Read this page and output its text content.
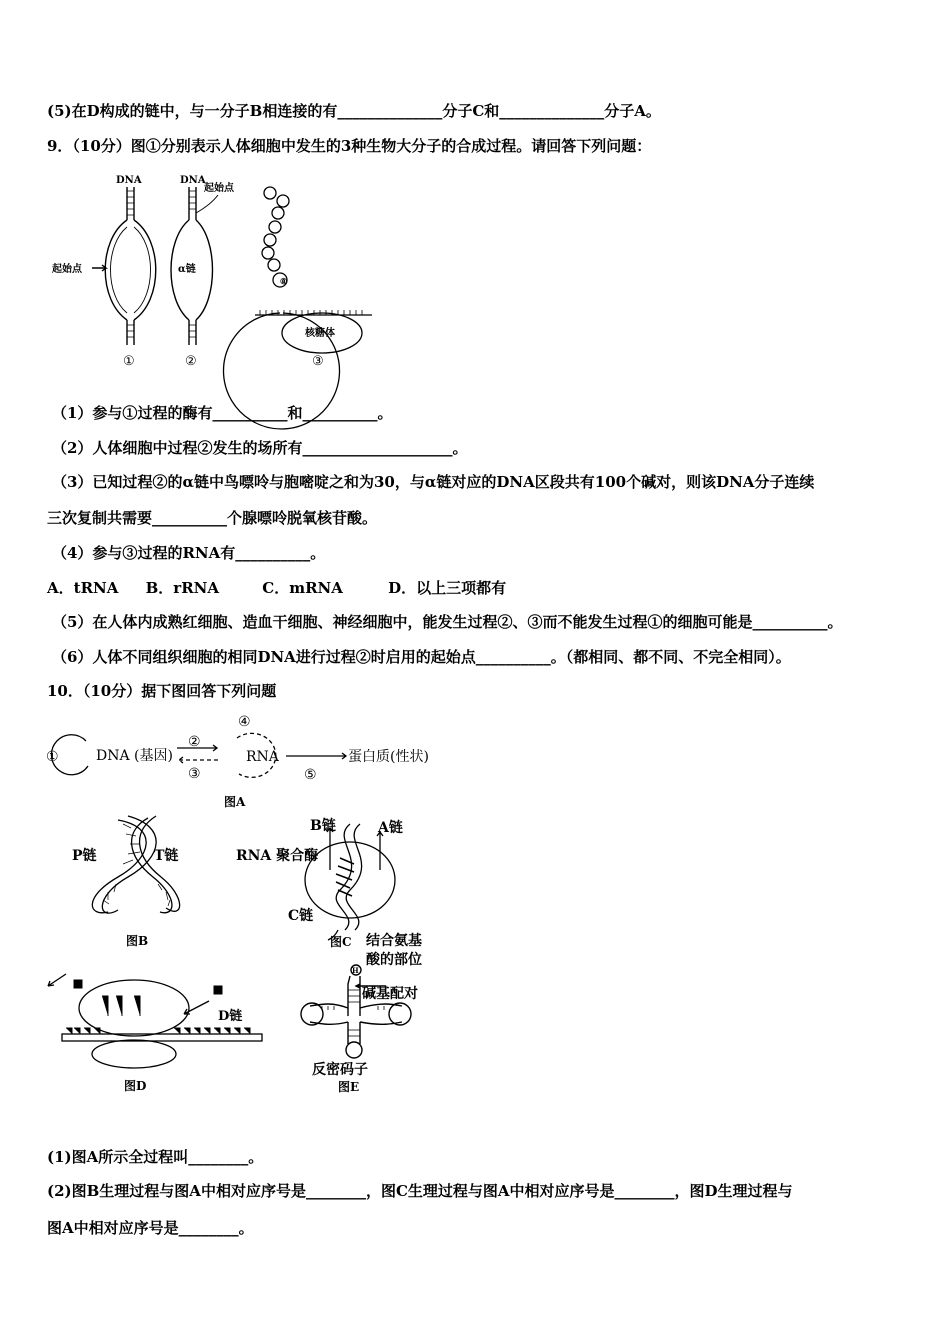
(5)在D构成的链中，与一分子B相连接的有______________分子C和______________分子A。
9．（10分）图①分别表示人体细胞中发生的3种生物大分子的合成过程。请回答下列问题：
DNA	DNA
起始点
起始点	α链
⑧
核糖体
①	②	③
（1）参与①过程的酶有__________和__________。
（2）人体细胞中过程②发生的场所有____________________。
（3）已知过程②的α链中鸟嘌呤与胞嘧啶之和为30，与α链对应的DNA区段共有100个碱对，则该DNA分子连续
三次复制共需要__________个腺嘌呤脱氧核苷酸。
（4）参与③过程的RNA有__________。
A．tRNA B．rRNA	C．mRNA	D．以上三项都有
（5）在人体内成熟红细胞、造血干细胞、神经细胞中，能发生过程②、③而不能发生过程①的细胞可能是__________。
（6）人体不同组织细胞的相同DNA进行过程②时启用的起始点__________。（都相同、都不同、不完全相同）。
10．（10分）据下图回答下列问题
①	DNA (基因)
②
③
④
RNA
⑤
蛋白质(性状)
图A
P链	T链
图B
B链	A链
RNA 聚合酶
C链
图C 结合氨基
酸的部位
D链
图D
H
碱基配对
反密码子
图E
(1)图A所示全过程叫________。
(2)图B生理过程与图A中相对应序号是________，图C生理过程与图A中相对应序号是________，图D生理过程与
图A中相对应序号是________。
